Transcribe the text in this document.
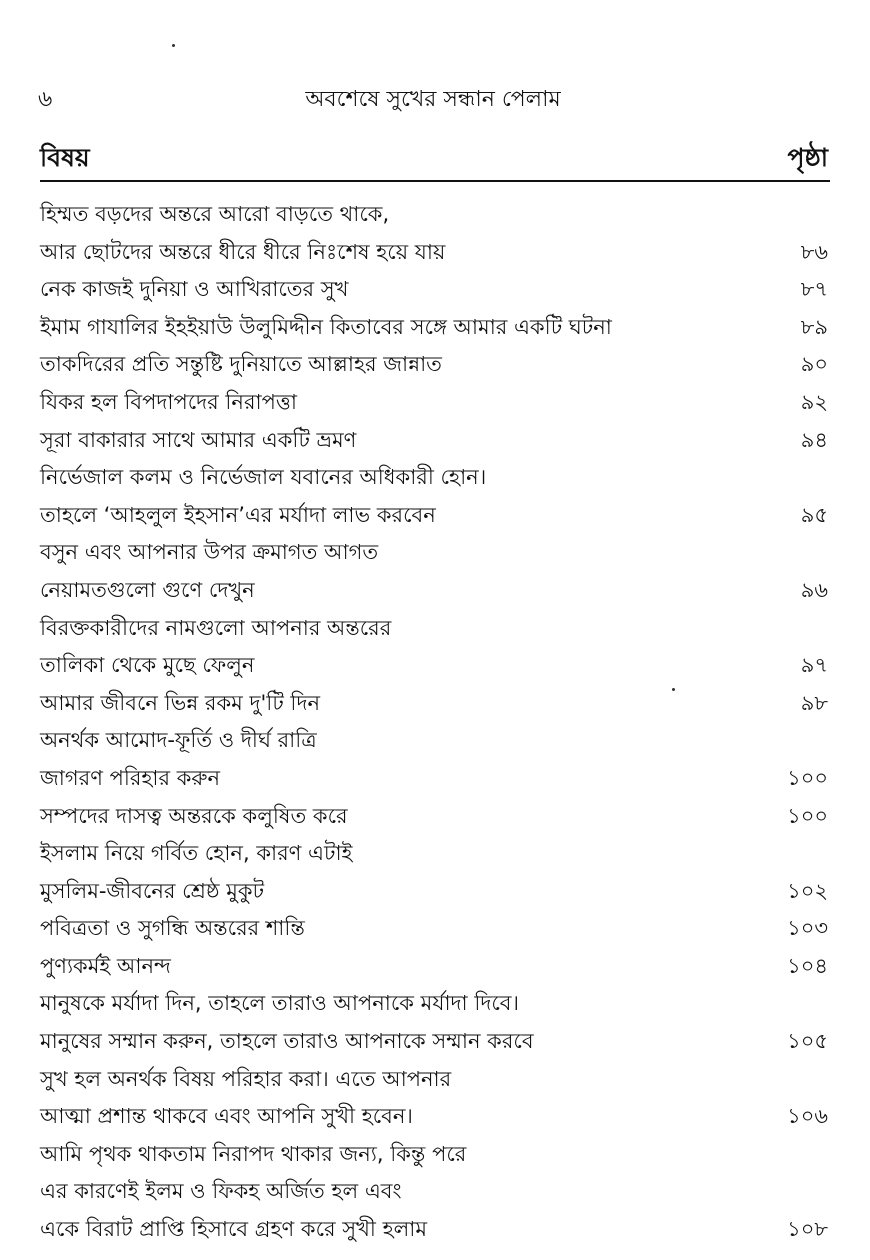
৬	অবশেষে সুখের সন্ধান পেলাম
বিষয়	পৃষ্ঠা
হিম্মত বড়দের অন্তরে আরো বাড়তে থাকে,
আর ছোটদের অন্তরে ধীরে ধীরে নিঃশেষ হয়ে যায়	৮৬
নেক কাজই দুনিয়া ও আখিরাতের সুখ	৮৭
ইমাম গাযালির ইহইয়াউ উলুমিদ্দীন কিতাবের সঙ্গে আমার একটি ঘটনা	৮৯
তাকদিরের প্রতি সন্তুষ্টি দুনিয়াতে আল্লাহর জান্নাত	৯০
যিকর হল বিপদাপদের নিরাপত্তা	৯২
সূরা বাকারার সাথে আমার একটি ভ্রমণ	৯৪
নির্ভেজাল কলম ও নির্ভেজাল যবানের অধিকারী হোন।
তাহলে ‘আহলুল ইহসান’এর মর্যাদা লাভ করবেন	৯৫
বসুন এবং আপনার উপর ক্রমাগত আগত
নেয়ামতগুলো গুণে দেখুন	৯৬
বিরক্তকারীদের নামগুলো আপনার অন্তরের
তালিকা থেকে মুছে ফেলুন	৯৭
আমার জীবনে ভিন্ন রকম দু'টি দিন	৯৮
অনর্থক আমোদ-ফূর্তি ও দীর্ঘ রাত্রি
জাগরণ পরিহার করুন	১০০
সম্পদের দাসত্ব অন্তরকে কলুষিত করে	১০০
ইসলাম নিয়ে গর্বিত হোন, কারণ এটাই
মুসলিম-জীবনের শ্রেষ্ঠ মুকুট	১০২
পবিত্রতা ও সুগন্ধি অন্তরের শান্তি	১০৩
পুণ্যকর্মই আনন্দ	১০৪
মানুষকে মর্যাদা দিন, তাহলে তারাও আপনাকে মর্যাদা দিবে।
মানুষের সম্মান করুন, তাহলে তারাও আপনাকে সম্মান করবে	১০৫
সুখ হল অনর্থক বিষয় পরিহার করা। এতে আপনার
আত্মা প্রশান্ত থাকবে এবং আপনি সুখী হবেন।	১০৬
আমি পৃথক থাকতাম নিরাপদ থাকার জন্য, কিন্তু পরে
এর কারণেই ইলম ও ফিকহ অর্জিত হল এবং
একে বিরাট প্রাপ্তি হিসাবে গ্রহণ করে সুখী হলাম	১০৮
